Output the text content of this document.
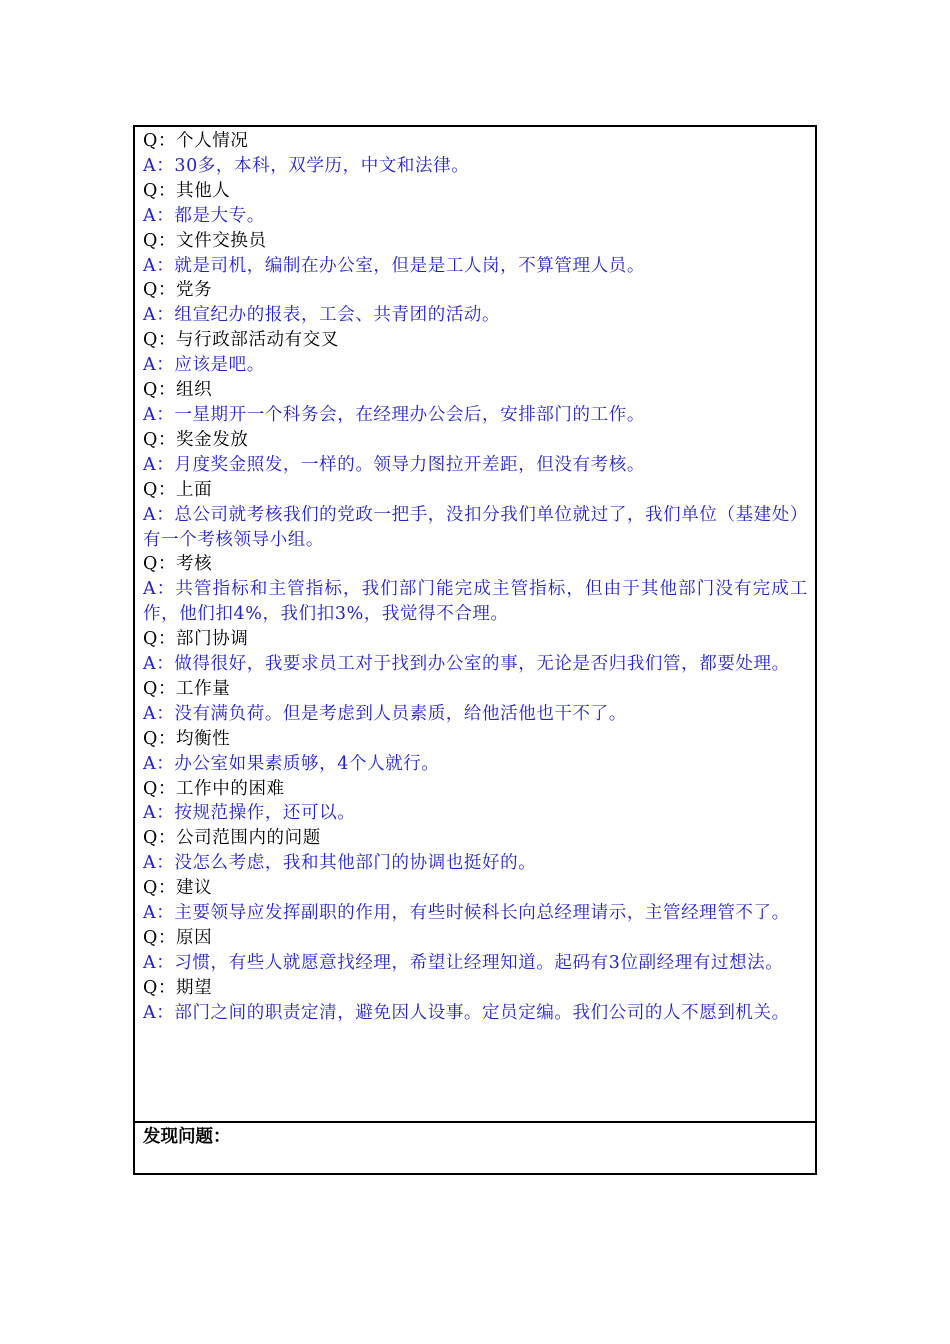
Q：个人情况
A：30多，本科，双学历，中文和法律。
Q：其他人
A：都是大专。
Q：文件交换员
A：就是司机，编制在办公室，但是是工人岗，不算管理人员。
Q：党务
A：组宣纪办的报表，工会、共青团的活动。
Q：与行政部活动有交叉
A：应该是吧。
Q：组织
A：一星期开一个科务会，在经理办公会后，安排部门的工作。
Q：奖金发放
A：月度奖金照发，一样的。领导力图拉开差距，但没有考核。
Q：上面
A：总公司就考核我们的党政一把手，没扣分我们单位就过了，我们单位（基建处）有一个考核领导小组。
Q：考核
A：共管指标和主管指标，我们部门能完成主管指标，但由于其他部门没有完成工作，他们扣4%，我们扣3%，我觉得不合理。
Q：部门协调
A：做得很好，我要求员工对于找到办公室的事，无论是否归我们管，都要处理。
Q：工作量
A：没有满负荷。但是考虑到人员素质，给他活他也干不了。
Q：均衡性
A：办公室如果素质够，4个人就行。
Q：工作中的困难
A：按规范操作，还可以。
Q：公司范围内的问题
A：没怎么考虑，我和其他部门的协调也挺好的。
Q：建议
A：主要领导应发挥副职的作用，有些时候科长向总经理请示，主管经理管不了。
Q：原因
A：习惯，有些人就愿意找经理，希望让经理知道。起码有3位副经理有过想法。
Q：期望
A：部门之间的职责定清，避免因人设事。定员定编。我们公司的人不愿到机关。
发现问题：
